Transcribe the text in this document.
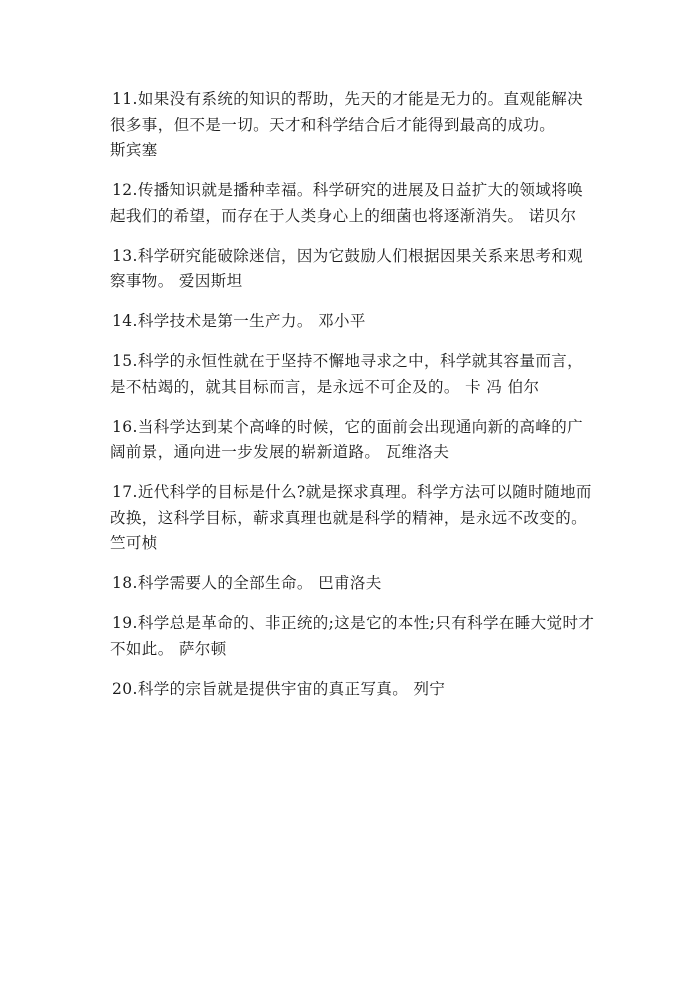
11.如果没有系统的知识的帮助，先天的才能是无力的。直观能解决很多事，但不是一切。天才和科学结合后才能得到最高的成功。
斯宾塞

12.传播知识就是播种幸福。科学研究的进展及日益扩大的领域将唤起我们的希望，而存在于人类身心上的细菌也将逐渐消失。 诺贝尔

13.科学研究能破除迷信，因为它鼓励人们根据因果关系来思考和观察事物。 爱因斯坦

14.科学技术是第一生产力。 邓小平

15.科学的永恒性就在于坚持不懈地寻求之中，科学就其容量而言，是不枯竭的，就其目标而言，是永远不可企及的。 卡 冯 伯尔

16.当科学达到某个高峰的时候，它的面前会出现通向新的高峰的广阔前景，通向进一步发展的崭新道路。 瓦维洛夫

17.近代科学的目标是什么?就是探求真理。科学方法可以随时随地而改换，这科学目标，蕲求真理也就是科学的精神，是永远不改变的。 竺可桢

18.科学需要人的全部生命。 巴甫洛夫

19.科学总是革命的、非正统的;这是它的本性;只有科学在睡大觉时才不如此。 萨尔顿

20.科学的宗旨就是提供宇宙的真正写真。 列宁
